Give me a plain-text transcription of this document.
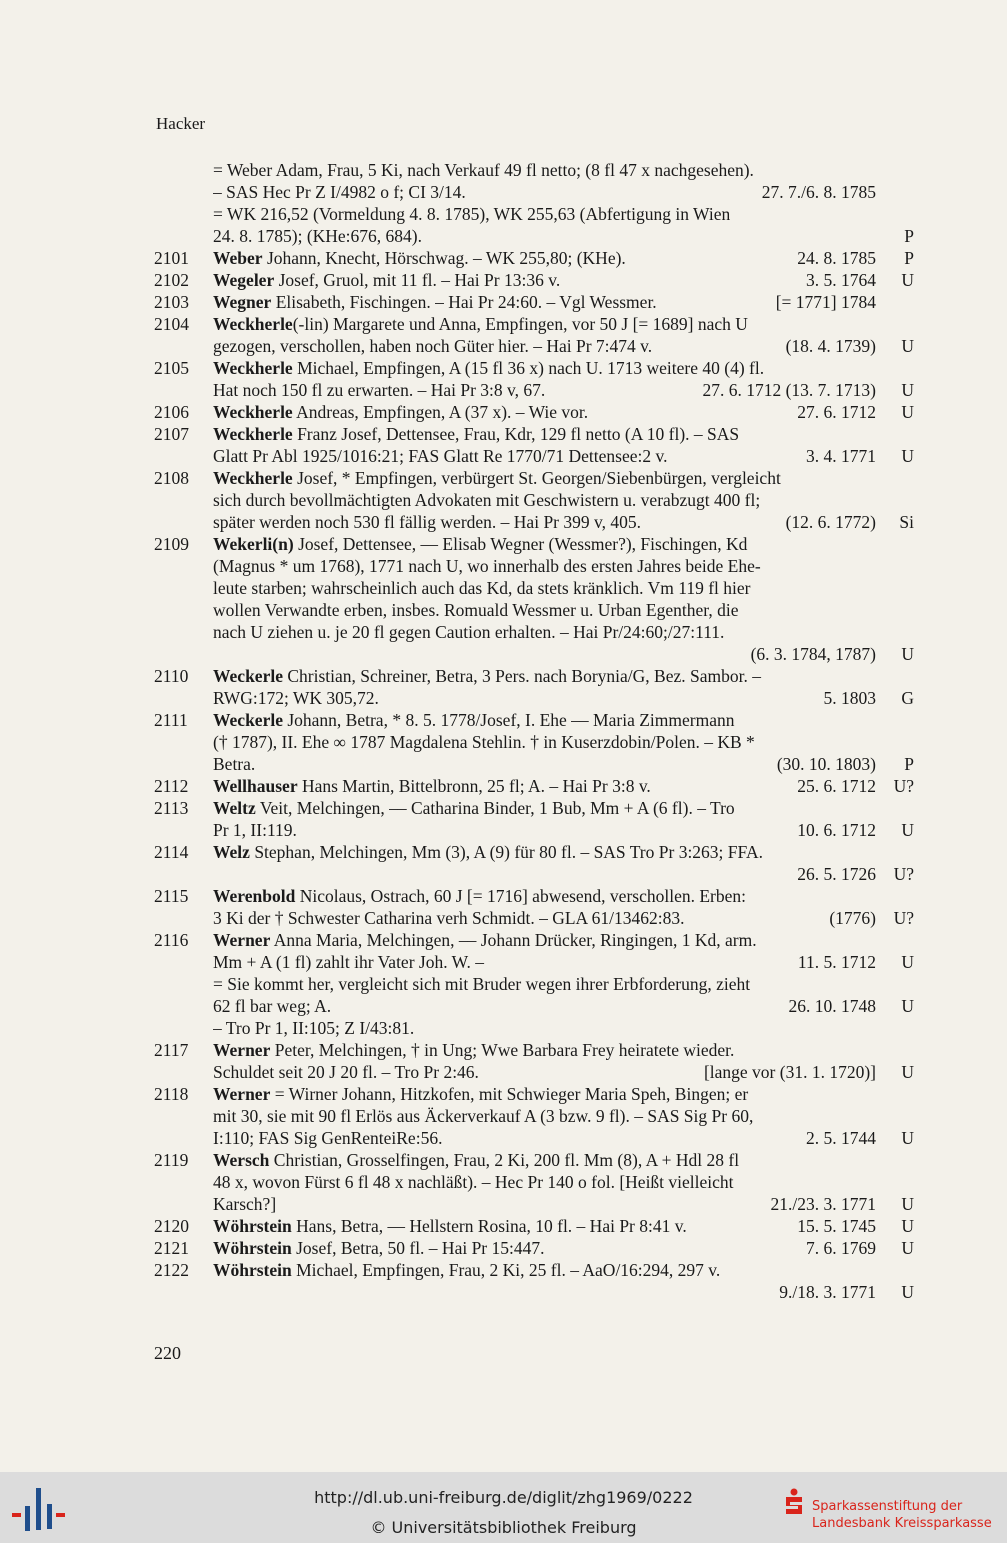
Hacker
= Weber Adam, Frau, 5 Ki, nach Verkauf 49 fl netto; (8 fl 47 x nachgesehen).
– SAS Hec Pr Z I/4982 o f; CI 3/14.	27. 7./6. 8. 1785
= WK 216,52 (Vormeldung 4. 8. 1785), WK 255,63 (Abfertigung in Wien
24. 8. 1785); (KHe:676, 684).	P
2101	Weber Johann, Knecht, Hörschwag. – WK 255,80; (KHe).	24. 8. 1785	P
2102	Wegeler Josef, Gruol, mit 11 fl. – Hai Pr 13:36 v.	3. 5. 1764	U
2103	Wegner Elisabeth, Fischingen. – Hai Pr 24:60. – Vgl Wessmer.	[= 1771] 1784
2104	Weckherle(-lin) Margarete und Anna, Empfingen, vor 50 J [= 1689] nach U
gezogen, verschollen, haben noch Güter hier. – Hai Pr 7:474 v.	(18. 4. 1739)	U
2105	Weckherle Michael, Empfingen, A (15 fl 36 x) nach U. 1713 weitere 40 (4) fl.
Hat noch 150 fl zu erwarten. – Hai Pr 3:8 v, 67.	27. 6. 1712 (13. 7. 1713)	U
2106	Weckherle Andreas, Empfingen, A (37 x). – Wie vor.	27. 6. 1712	U
2107	Weckherle Franz Josef, Dettensee, Frau, Kdr, 129 fl netto (A 10 fl). – SAS
Glatt Pr Abl 1925/1016:21; FAS Glatt Re 1770/71 Dettensee:2 v.	3. 4. 1771	U
2108	Weckherle Josef, * Empfingen, verbürgert St. Georgen/Siebenbürgen, vergleicht
sich durch bevollmächtigten Advokaten mit Geschwistern u. verabzugt 400 fl;
später werden noch 530 fl fällig werden. – Hai Pr 399 v, 405.	(12. 6. 1772)	Si
2109	Wekerli(n) Josef, Dettensee, –– Elisab Wegner (Wessmer?), Fischingen, Kd
(Magnus * um 1768), 1771 nach U, wo innerhalb des ersten Jahres beide Ehe-
leute starben; wahrscheinlich auch das Kd, da stets kränklich. Vm 119 fl hier
wollen Verwandte erben, insbes. Romuald Wessmer u. Urban Egenther, die
nach U ziehen u. je 20 fl gegen Caution erhalten. – Hai Pr/24:60;/27:111.
(6. 3. 1784, 1787)	U
2110	Weckerle Christian, Schreiner, Betra, 3 Pers. nach Borynia/G, Bez. Sambor. –
RWG:172; WK 305,72.	5. 1803	G
2111	Weckerle Johann, Betra, * 8. 5. 1778/Josef, I. Ehe –– Maria Zimmermann
(† 1787), II. Ehe ∞ 1787 Magdalena Stehlin. † in Kuserzdobin/Polen. – KB *
Betra.	(30. 10. 1803)	P
2112	Wellhauser Hans Martin, Bittelbronn, 25 fl; A. – Hai Pr 3:8 v.	25. 6. 1712	U?
2113	Weltz Veit, Melchingen, –– Catharina Binder, 1 Bub, Mm + A (6 fl). – Tro
Pr 1, II:119.	10. 6. 1712	U
2114	Welz Stephan, Melchingen, Mm (3), A (9) für 80 fl. – SAS Tro Pr 3:263; FFA.
26. 5. 1726	U?
2115	Werenbold Nicolaus, Ostrach, 60 J [= 1716] abwesend, verschollen. Erben:
3 Ki der † Schwester Catharina verh Schmidt. – GLA 61/13462:83.	(1776)	U?
2116	Werner Anna Maria, Melchingen, –– Johann Drücker, Ringingen, 1 Kd, arm.
Mm + A (1 fl) zahlt ihr Vater Joh. W. –	11. 5. 1712	U
= Sie kommt her, vergleicht sich mit Bruder wegen ihrer Erbforderung, zieht
62 fl bar weg; A.	26. 10. 1748	U
– Tro Pr 1, II:105; Z I/43:81.
2117	Werner Peter, Melchingen, † in Ung; Wwe Barbara Frey heiratete wieder.
Schuldet seit 20 J 20 fl. – Tro Pr 2:46.	[lange vor (31. 1. 1720)]	U
2118	Werner = Wirner Johann, Hitzkofen, mit Schwieger Maria Speh, Bingen; er
mit 30, sie mit 90 fl Erlös aus Äckerverkauf A (3 bzw. 9 fl). – SAS Sig Pr 60,
I:110; FAS Sig GenRenteiRe:56.	2. 5. 1744	U
2119	Wersch Christian, Grosselfingen, Frau, 2 Ki, 200 fl. Mm (8), A + Hdl 28 fl
48 x, wovon Fürst 6 fl 48 x nachläßt). – Hec Pr 140 o fol. [Heißt vielleicht
Karsch?]	21./23. 3. 1771	U
2120	Wöhrstein Hans, Betra, –– Hellstern Rosina, 10 fl. – Hai Pr 8:41 v.	15. 5. 1745	U
2121	Wöhrstein Josef, Betra, 50 fl. – Hai Pr 15:447.	7. 6. 1769	U
2122	Wöhrstein Michael, Empfingen, Frau, 2 Ki, 25 fl. – AaO/16:294, 297 v.
9./18. 3. 1771	U
220
http://dl.ub.uni-freiburg.de/diglit/zhg1969/0222
© Universitätsbibliothek Freiburg
Sparkassenstiftung der
Landesbank Kreissparkasse
